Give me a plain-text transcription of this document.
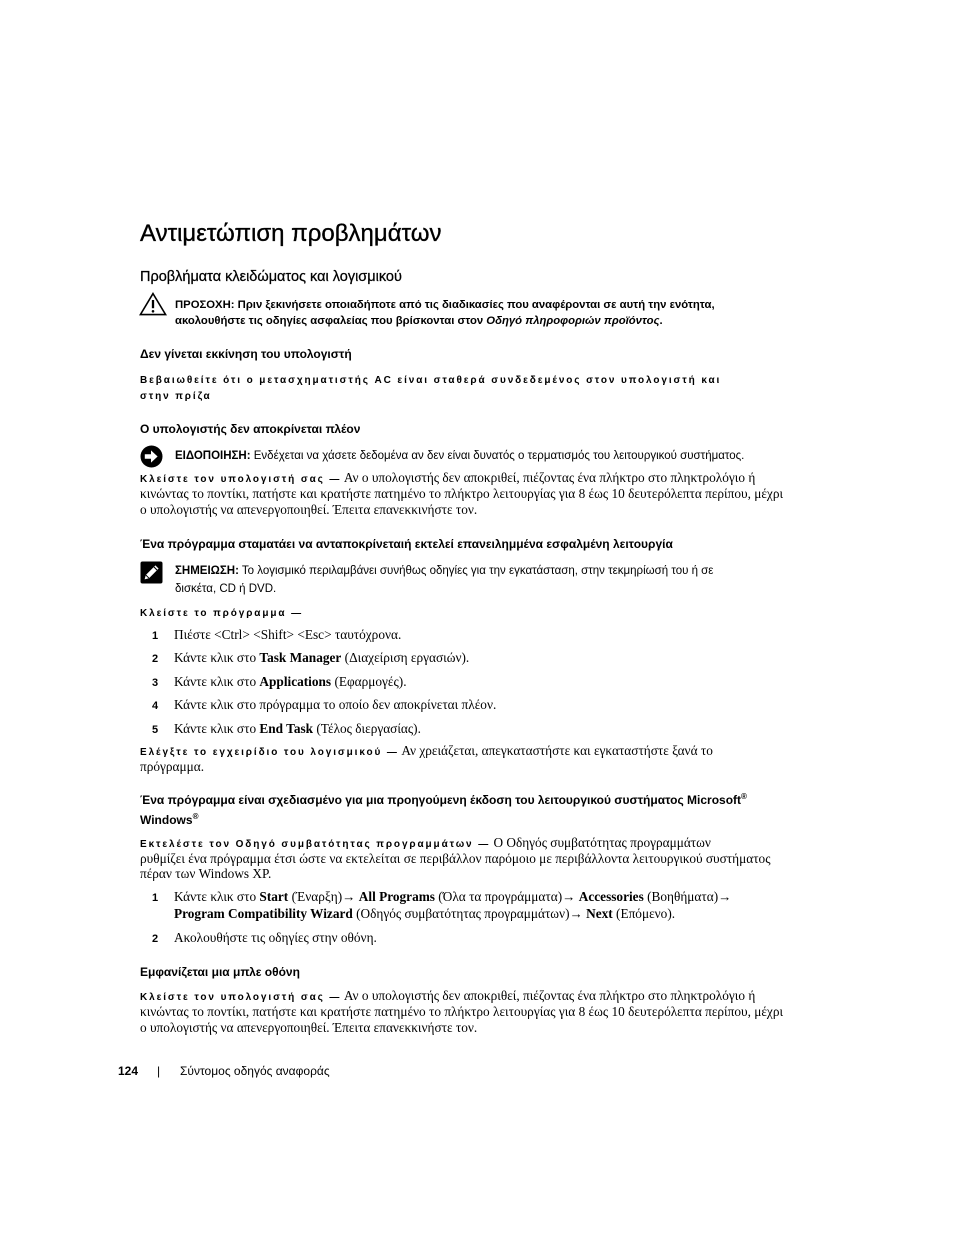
Αντιμετώπιση προβλημάτων
Προβλήματα κλειδώματος και λογισμικού
ΠΡΟΣΟΧΗ: Πριν ξεκινήσετε οποιαδήποτε από τις διαδικασίες που αναφέρονται σε αυτή την ενότητα,
ακολουθήστε τις οδηγίες ασφαλείας που βρίσκονται στον Οδηγό πληροφοριών προϊόντος.
Δεν γίνεται εκκίνηση του υπολογιστή
Βεβαιωθείτε ότι ο μετασχηματιστής AC είναι σταθερά συνδεδεμένος στον υπολογιστή και
στην πρίζα
Ο υπολογιστής δεν αποκρίνεται πλέον
ΕΙΔΟΠΟΙΗΣΗ: Ενδέχεται να χάσετε δεδομένα αν δεν είναι δυνατός ο τερματισμός του λειτουργικού συστήματος.
Κλείστε τον υπολογιστή σας — Αν ο υπολογιστής δεν αποκριθεί, πιέζοντας ένα πλήκτρο στο πληκτρολόγιο ή
κινώντας το ποντίκι, πατήστε και κρατήστε πατημένο το πλήκτρο λειτουργίας για 8 έως 10 δευτερόλεπτα περίπου, μέχρι
ο υπολογιστής να απενεργοποιηθεί. Έπειτα επανεκκινήστε τον.
Ένα πρόγραμμα σταματάει να ανταποκρίνεταιή εκτελεί επανειλημμένα εσφαλμένη λειτουργία
ΣΗΜΕΙΩΣΗ: Το λογισμικό περιλαμβάνει συνήθως οδηγίες για την εγκατάσταση, στην τεκμηρίωσή του ή σε
δισκέτα, CD ή DVD.
Κλείστε το πρόγραμμα —
1 Πιέστε <Ctrl> <Shift> <Esc> ταυτόχρονα.
2 Κάντε κλικ στο Task Manager (Διαχείριση εργασιών).
3 Κάντε κλικ στο Applications (Εφαρμογές).
4 Κάντε κλικ στο πρόγραμμα το οποίο δεν αποκρίνεται πλέον.
5 Κάντε κλικ στο End Task (Τέλος διεργασίας).
Ελέγξτε το εγχειρίδιο του λογισμικού — Αν χρειάζεται, απεγκαταστήστε και εγκαταστήστε ξανά το
πρόγραμμα.
Ένα πρόγραμμα είναι σχεδιασμένο για μια προηγούμενη έκδοση του λειτουργικού συστήματος Microsoft®
Windows®
Εκτελέστε τον Οδηγό συμβατότητας προγραμμάτων — Ο Οδηγός συμβατότητας προγραμμάτων
ρυθμίζει ένα πρόγραμμα έτσι ώστε να εκτελείται σε περιβάλλον παρόμοιο με περιβάλλοντα λειτουργικού συστήματος
πέραν των Windows XP.
1 Κάντε κλικ στο Start (Έναρξη)→ All Programs (Όλα τα προγράμματα)→ Accessories (Βοηθήματα)→
Program Compatibility Wizard (Οδηγός συμβατότητας προγραμμάτων)→ Next (Επόμενο).
2 Ακολουθήστε τις οδηγίες στην οθόνη.
Εμφανίζεται μια μπλε οθόνη
Κλείστε τον υπολογιστή σας — Αν ο υπολογιστής δεν αποκριθεί, πιέζοντας ένα πλήκτρο στο πληκτρολόγιο ή
κινώντας το ποντίκι, πατήστε και κρατήστε πατημένο το πλήκτρο λειτουργίας για 8 έως 10 δευτερόλεπτα περίπου, μέχρι
ο υπολογιστής να απενεργοποιηθεί. Έπειτα επανεκκινήστε τον.
124 | Σύντομος οδηγός αναφοράς
